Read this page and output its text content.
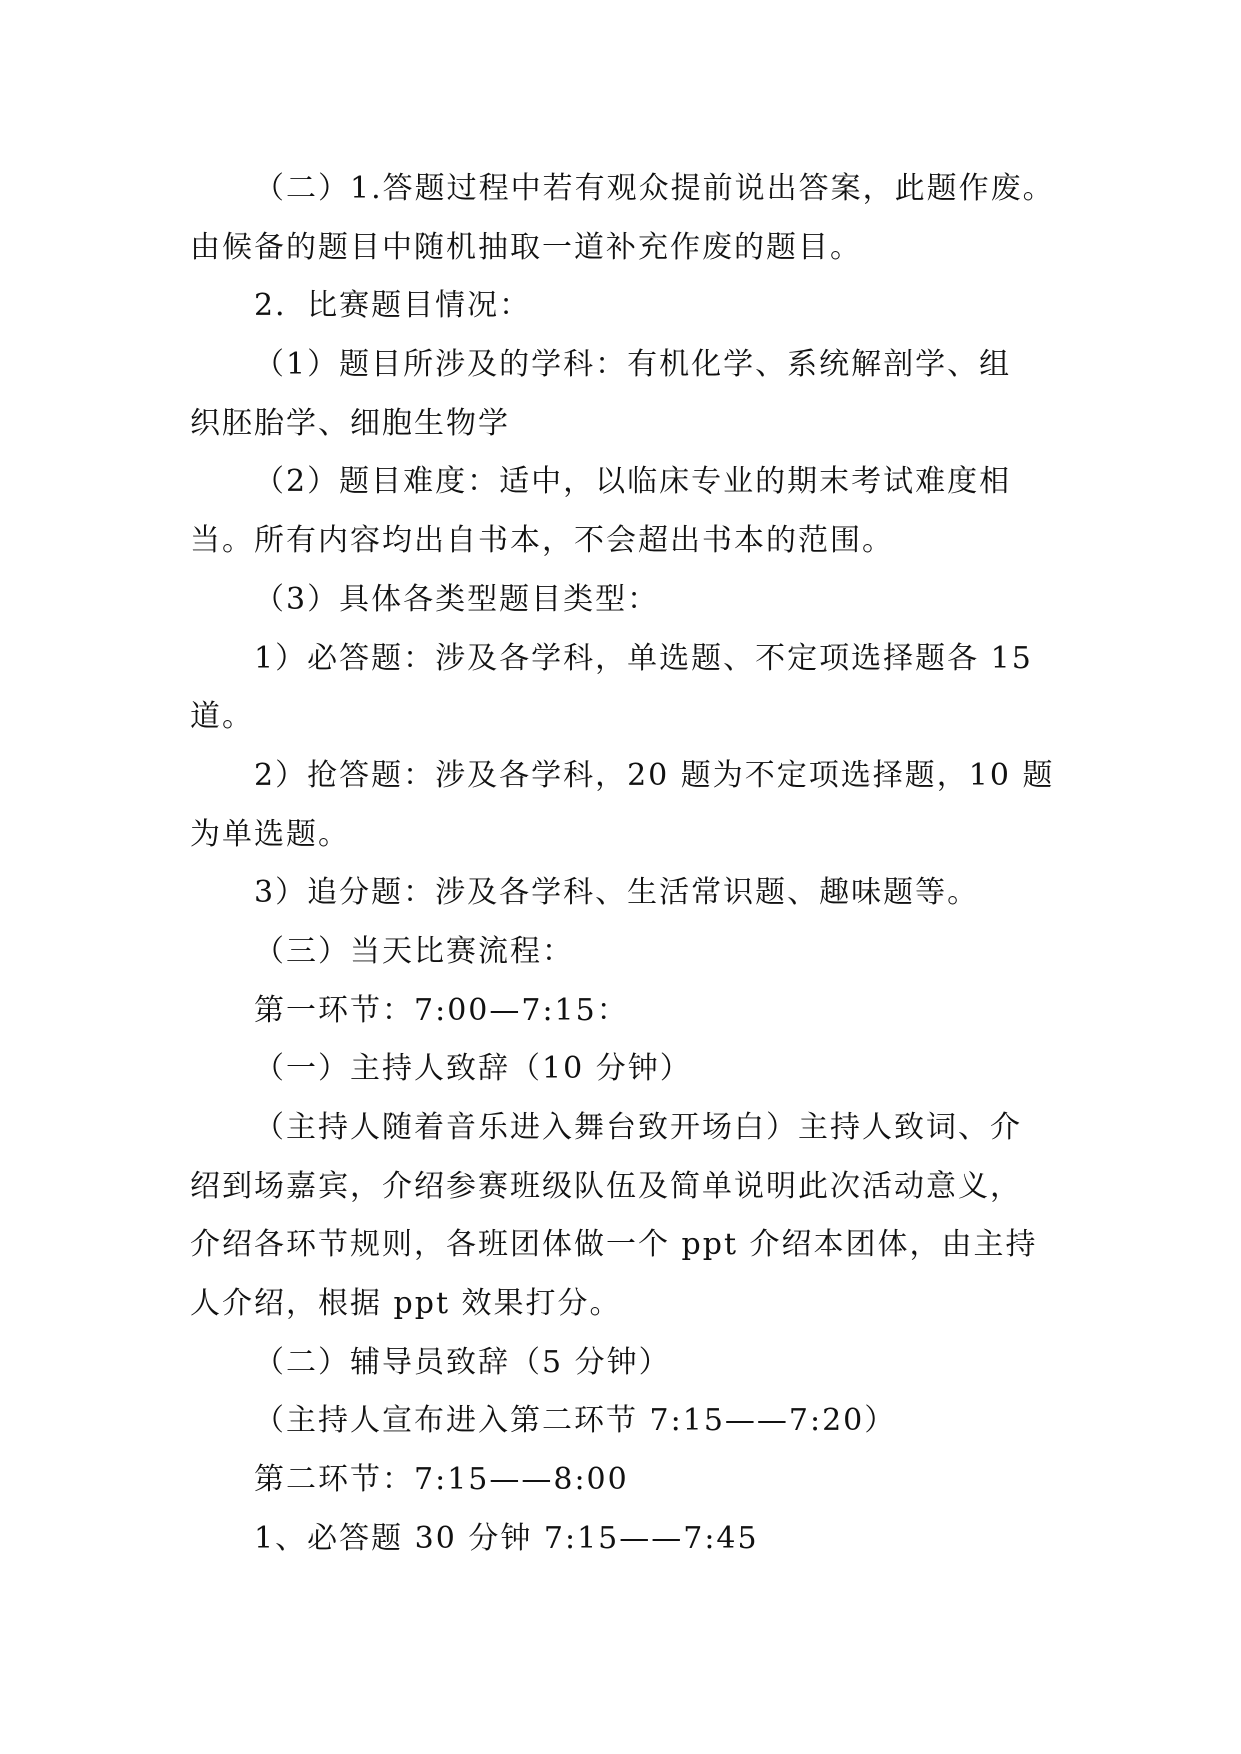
（二）1.答题过程中若有观众提前说出答案，此题作废。
由候备的题目中随机抽取一道补充作废的题目。
2．比赛题目情况：
（1）题目所涉及的学科：有机化学、系统解剖学、组
织胚胎学、细胞生物学
（2）题目难度：适中，以临床专业的期末考试难度相
当。所有内容均出自书本，不会超出书本的范围。
（3）具体各类型题目类型：
1）必答题：涉及各学科，单选题、不定项选择题各 15
道。
2）抢答题：涉及各学科，20 题为不定项选择题，10 题
为单选题。
3）追分题：涉及各学科、生活常识题、趣味题等。
（三）当天比赛流程：
第一环节：7:00—7:15：
（一）主持人致辞（10 分钟）
（主持人随着音乐进入舞台致开场白）主持人致词、介
绍到场嘉宾，介绍参赛班级队伍及简单说明此次活动意义，
介绍各环节规则，各班团体做一个 ppt 介绍本团体，由主持
人介绍，根据 ppt 效果打分。
（二）辅导员致辞（5 分钟）
（主持人宣布进入第二环节 7:15——7:20）
第二环节：7:15——8:00
1、必答题 30 分钟 7:15——7:45
